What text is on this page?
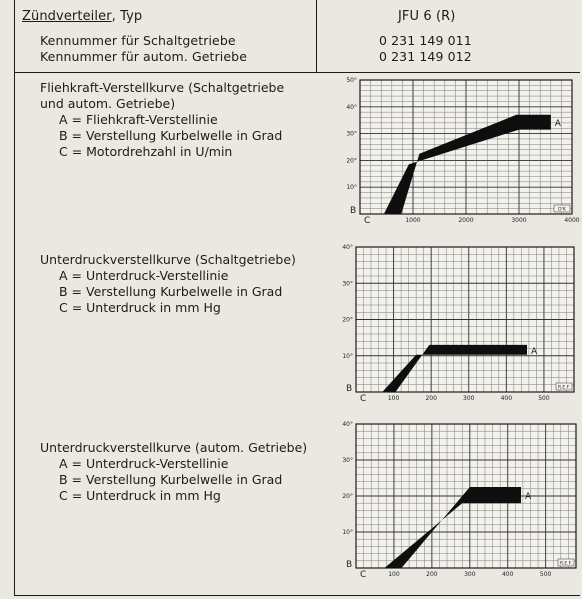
Zündverteiler, Typ	JFU 6 (R)
Kennummer für Schaltgetriebe	0 231 149 011
Kennummer für autom. Getriebe	0 231 149 012
Fliehkraft-Verstellkurve (Schaltgetriebe
und autom. Getriebe)
A = Fliehkraft-Verstellinie
B = Verstellung Kurbelwelle in Grad
C = Motordrehzahl in U/min
Unterdruckverstellkurve (Schaltgetriebe)
A = Unterdruck-Verstellinie
B = Verstellung Kurbelwelle in Grad
C = Unterdruck in mm Hg
Unterdruckverstellkurve (autom. Getriebe)
A = Unterdruck-Verstellinie
B = Verstellung Kurbelwelle in Grad
C = Unterdruck in mm Hg
A
1000	2000	3000	4000
10°
20°
30°
40°
50°
B
C
D'K
A
100	200	300	400	500
10°
20°
30°
40°
B
C
R.E.F.
A
100	200	300	400	500
10°
20°
30°
40°
B
C
R.E.F.
